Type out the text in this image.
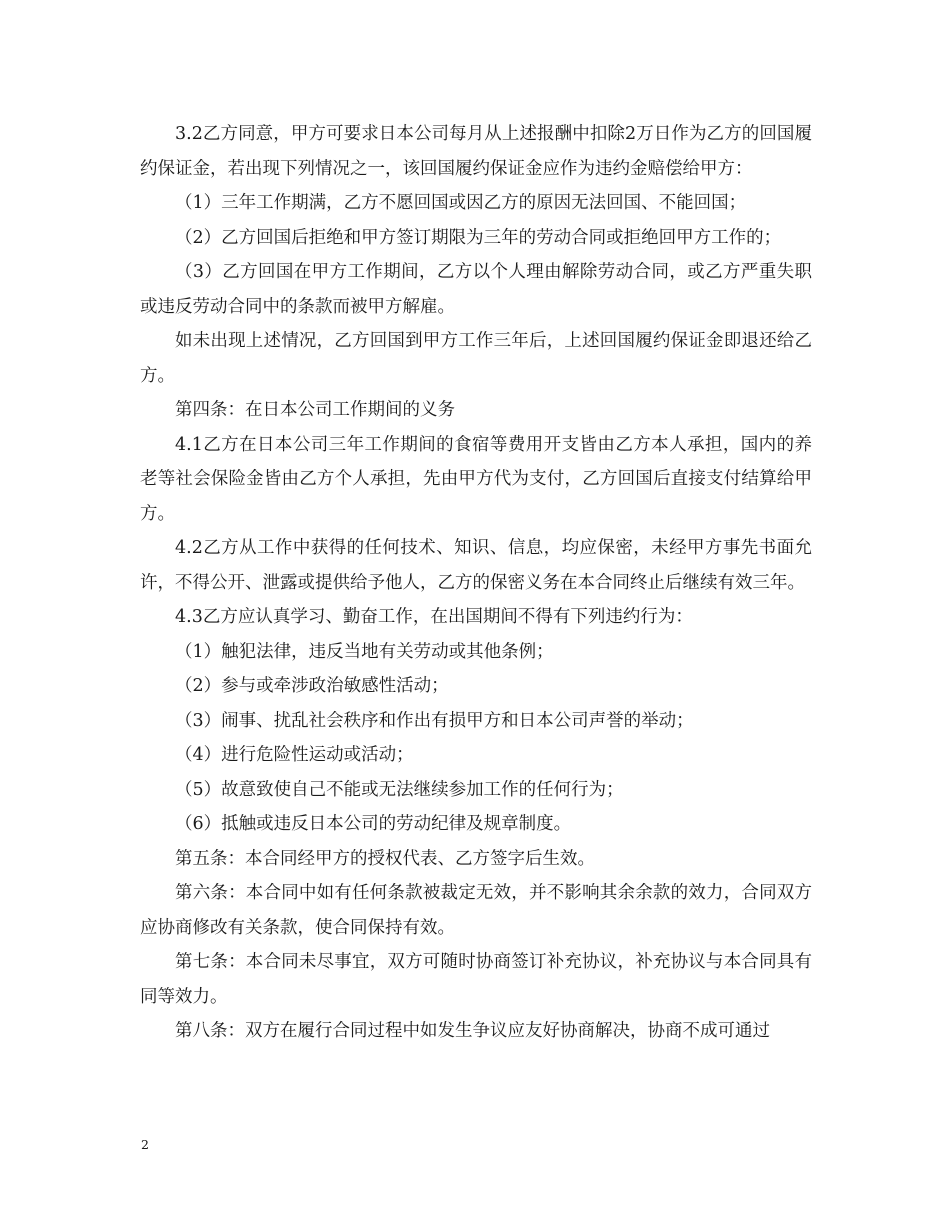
3.2乙方同意，甲方可要求日本公司每月从上述报酬中扣除2万日作为乙方的回国履约保证金，若出现下列情况之一，该回国履约保证金应作为违约金赔偿给甲方：

（1）三年工作期满，乙方不愿回国或因乙方的原因无法回国、不能回国；

（2）乙方回国后拒绝和甲方签订期限为三年的劳动合同或拒绝回甲方工作的；

（3）乙方回国在甲方工作期间，乙方以个人理由解除劳动合同，或乙方严重失职或违反劳动合同中的条款而被甲方解雇。

如未出现上述情况，乙方回国到甲方工作三年后，上述回国履约保证金即退还给乙方。

第四条：在日本公司工作期间的义务

4.1乙方在日本公司三年工作期间的食宿等费用开支皆由乙方本人承担，国内的养老等社会保险金皆由乙方个人承担，先由甲方代为支付，乙方回国后直接支付结算给甲方。

4.2乙方从工作中获得的任何技术、知识、信息，均应保密，未经甲方事先书面允许，不得公开、泄露或提供给予他人，乙方的保密义务在本合同终止后继续有效三年。

4.3乙方应认真学习、勤奋工作，在出国期间不得有下列违约行为：

（1）触犯法律，违反当地有关劳动或其他条例；

（2）参与或牵涉政治敏感性活动；

（3）闹事、扰乱社会秩序和作出有损甲方和日本公司声誉的举动；

（4）进行危险性运动或活动；

（5）故意致使自己不能或无法继续参加工作的任何行为；

（6）抵触或违反日本公司的劳动纪律及规章制度。

第五条：本合同经甲方的授权代表、乙方签字后生效。

第六条：本合同中如有任何条款被裁定无效，并不影响其余余款的效力，合同双方应协商修改有关条款，使合同保持有效。

第七条：本合同未尽事宜，双方可随时协商签订补充协议，补充协议与本合同具有同等效力。

第八条：双方在履行合同过程中如发生争议应友好协商解决，协商不成可通过

2
